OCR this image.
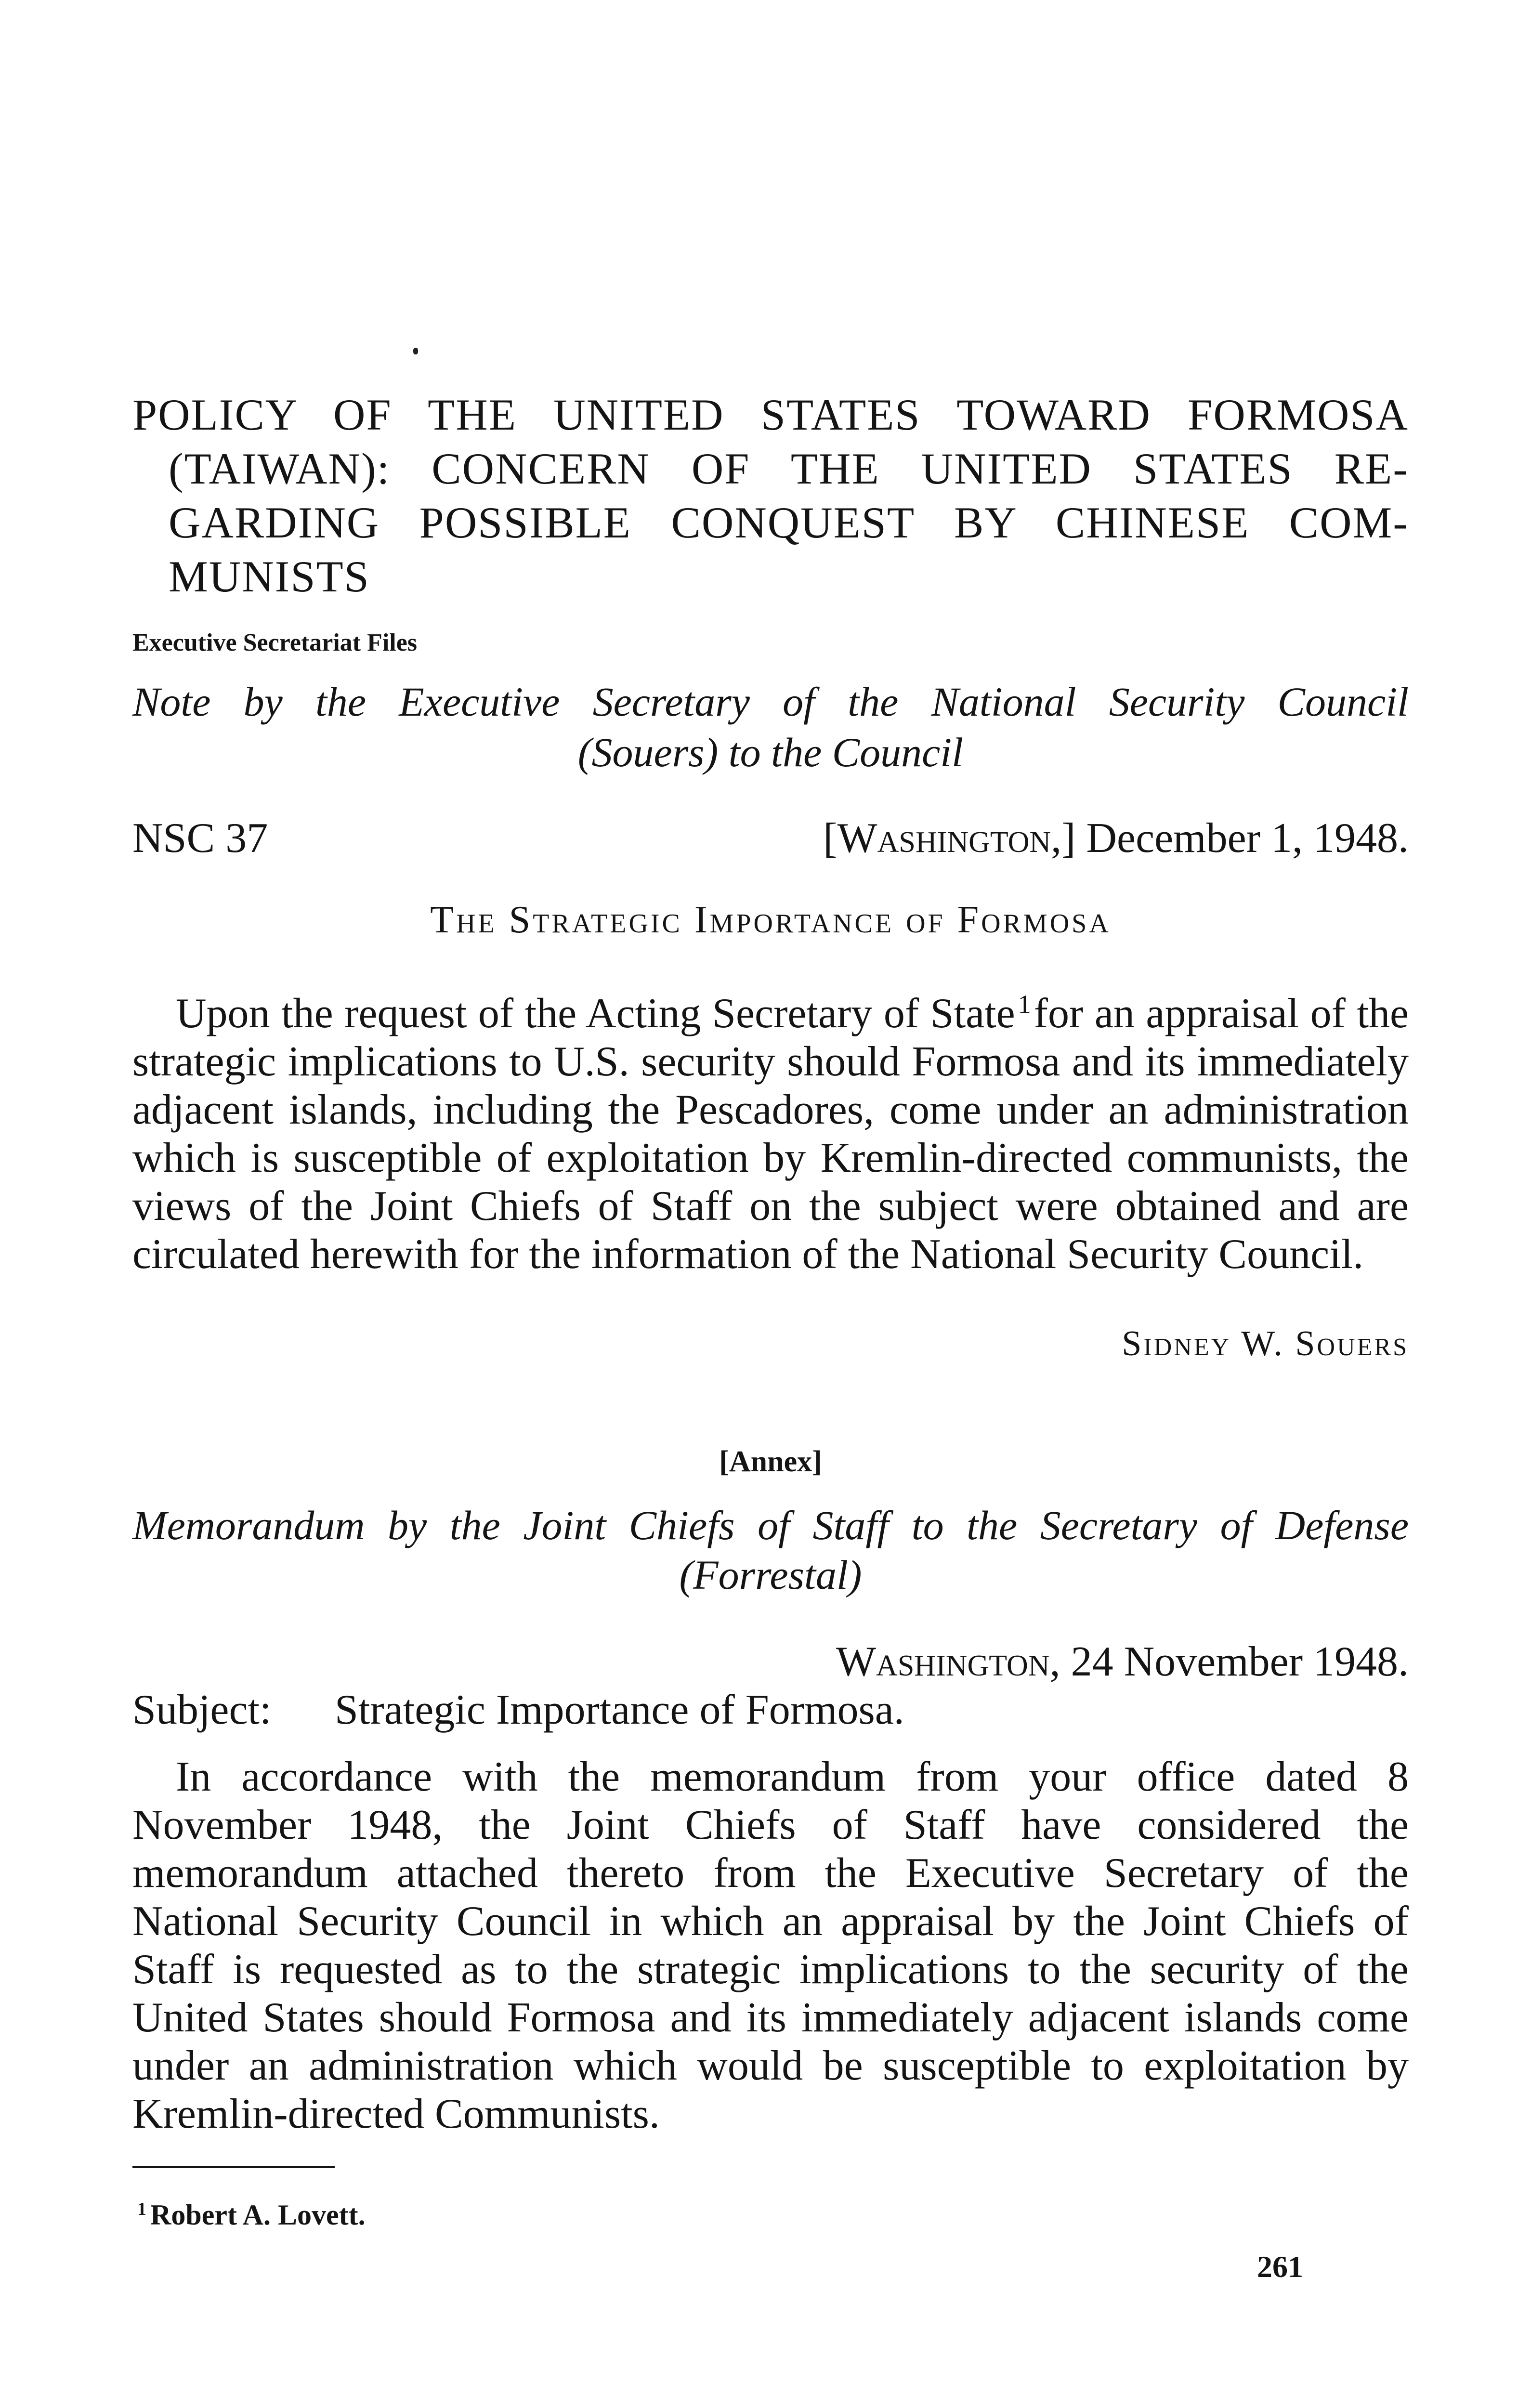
POLICY OF THE UNITED STATES TOWARD FORMOSA
(TAIWAN): CONCERN OF THE UNITED STATES RE-
GARDING POSSIBLE CONQUEST BY CHINESE COM-
MUNISTS
Executive Secretariat Files
Note by the Executive Secretary of the National Security Council
(Souers) to the Council
NSC 37	[Washington,] December 1, 1948.
The Strategic Importance of Formosa

Upon the request of the Acting Secretary of State $^1$for an appraisal of the strategic implications to U.S. security should Formosa and its immediately adjacent islands, including the Pescadores, come under an administration which is susceptible of exploitation by Kremlin-directed communists, the views of the Joint Chiefs of Staff on the subject were obtained and are circulated herewith for the information of the National Security Council.

Sidney W. Souers
[Annex]
Memorandum by the Joint Chiefs of Staff to the Secretary of Defense
(Forrestal)
Washington, 24 November 1948.
Subject: Strategic Importance of Formosa.

In accordance with the memorandum from your office dated 8 November 1948, the Joint Chiefs of Staff have considered the memorandum attached thereto from the Executive Secretary of the National Security Council in which an appraisal by the Joint Chiefs of Staff is requested as to the strategic implications to the security of the United States should Formosa and its immediately adjacent islands come under an administration which would be susceptible to exploitation by Kremlin-directed Communists.

$^1$ Robert A. Lovett.
261
